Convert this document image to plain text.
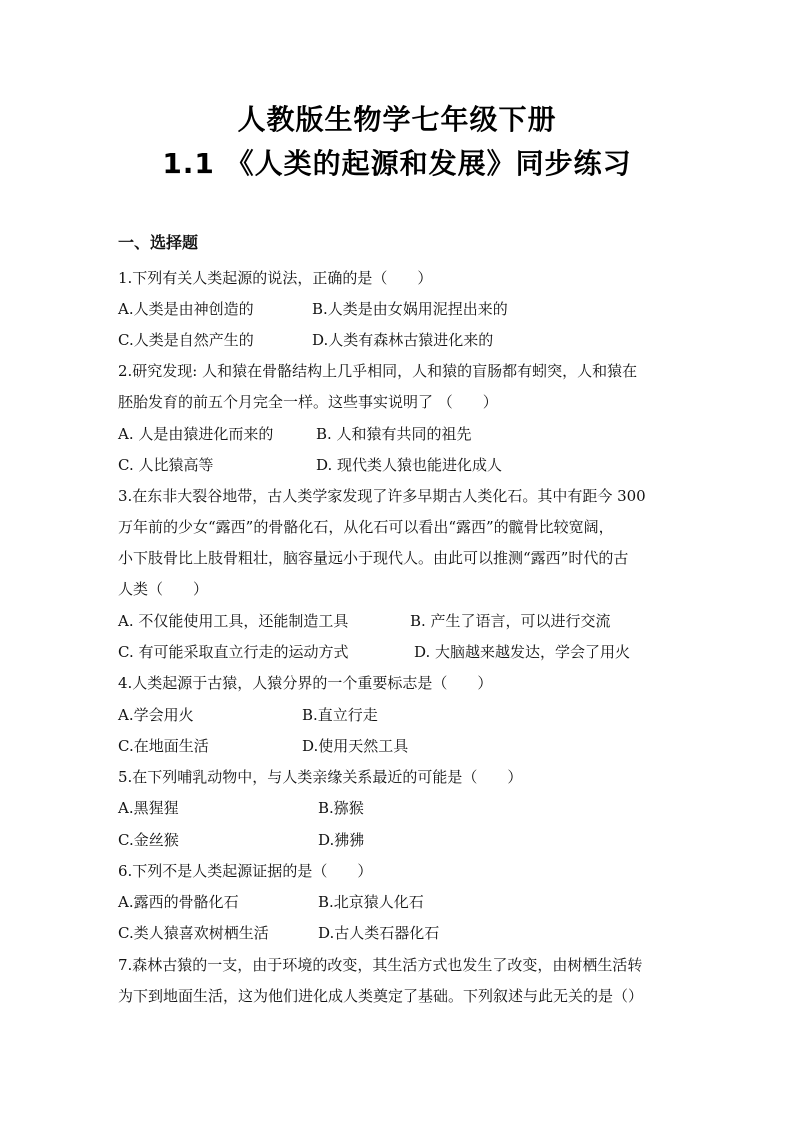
人教版生物学七年级下册
1.1 《人类的起源和发展》同步练习
一、选择题
1.下列有关人类起源的说法，正确的是（　　）
A.人类是由神创造的	B.人类是由女娲用泥捏出来的
C.人类是自然产生的	D.人类有森林古猿进化来的
2.研究发现: 人和猿在骨骼结构上几乎相同，人和猿的盲肠都有蚓突，人和猿在
胚胎发育的前五个月完全一样。这些事实说明了 （　　）
A. 人是由猿进化而来的	B. 人和猿有共同的祖先
C. 人比猿高等	D. 现代类人猿也能进化成人
3.在东非大裂谷地带，古人类学家发现了许多早期古人类化石。其中有距今 300
万年前的少女“露西”的骨骼化石，从化石可以看出“露西”的髋骨比较宽阔，
小下肢骨比上肢骨粗壮，脑容量远小于现代人。由此可以推测“露西”时代的古
人类（　　）
A. 不仅能使用工具，还能制造工具	B. 产生了语言，可以进行交流
C. 有可能采取直立行走的运动方式	D. 大脑越来越发达，学会了用火
4.人类起源于古猿，人猿分界的一个重要标志是（　　）
A.学会用火	B.直立行走
C.在地面生活	D.使用天然工具
5.在下列哺乳动物中，与人类亲缘关系最近的可能是（　　）
A.黑猩猩	B.猕猴
C.金丝猴	D.狒狒
6.下列不是人类起源证据的是（　　）
A.露西的骨骼化石	B.北京猿人化石
C.类人猿喜欢树栖生活	D.古人类石器化石
7.森林古猿的一支，由于环境的改变，其生活方式也发生了改变，由树栖生活转
为下到地面生活，这为他们进化成人类奠定了基础。下列叙述与此无关的是（）
